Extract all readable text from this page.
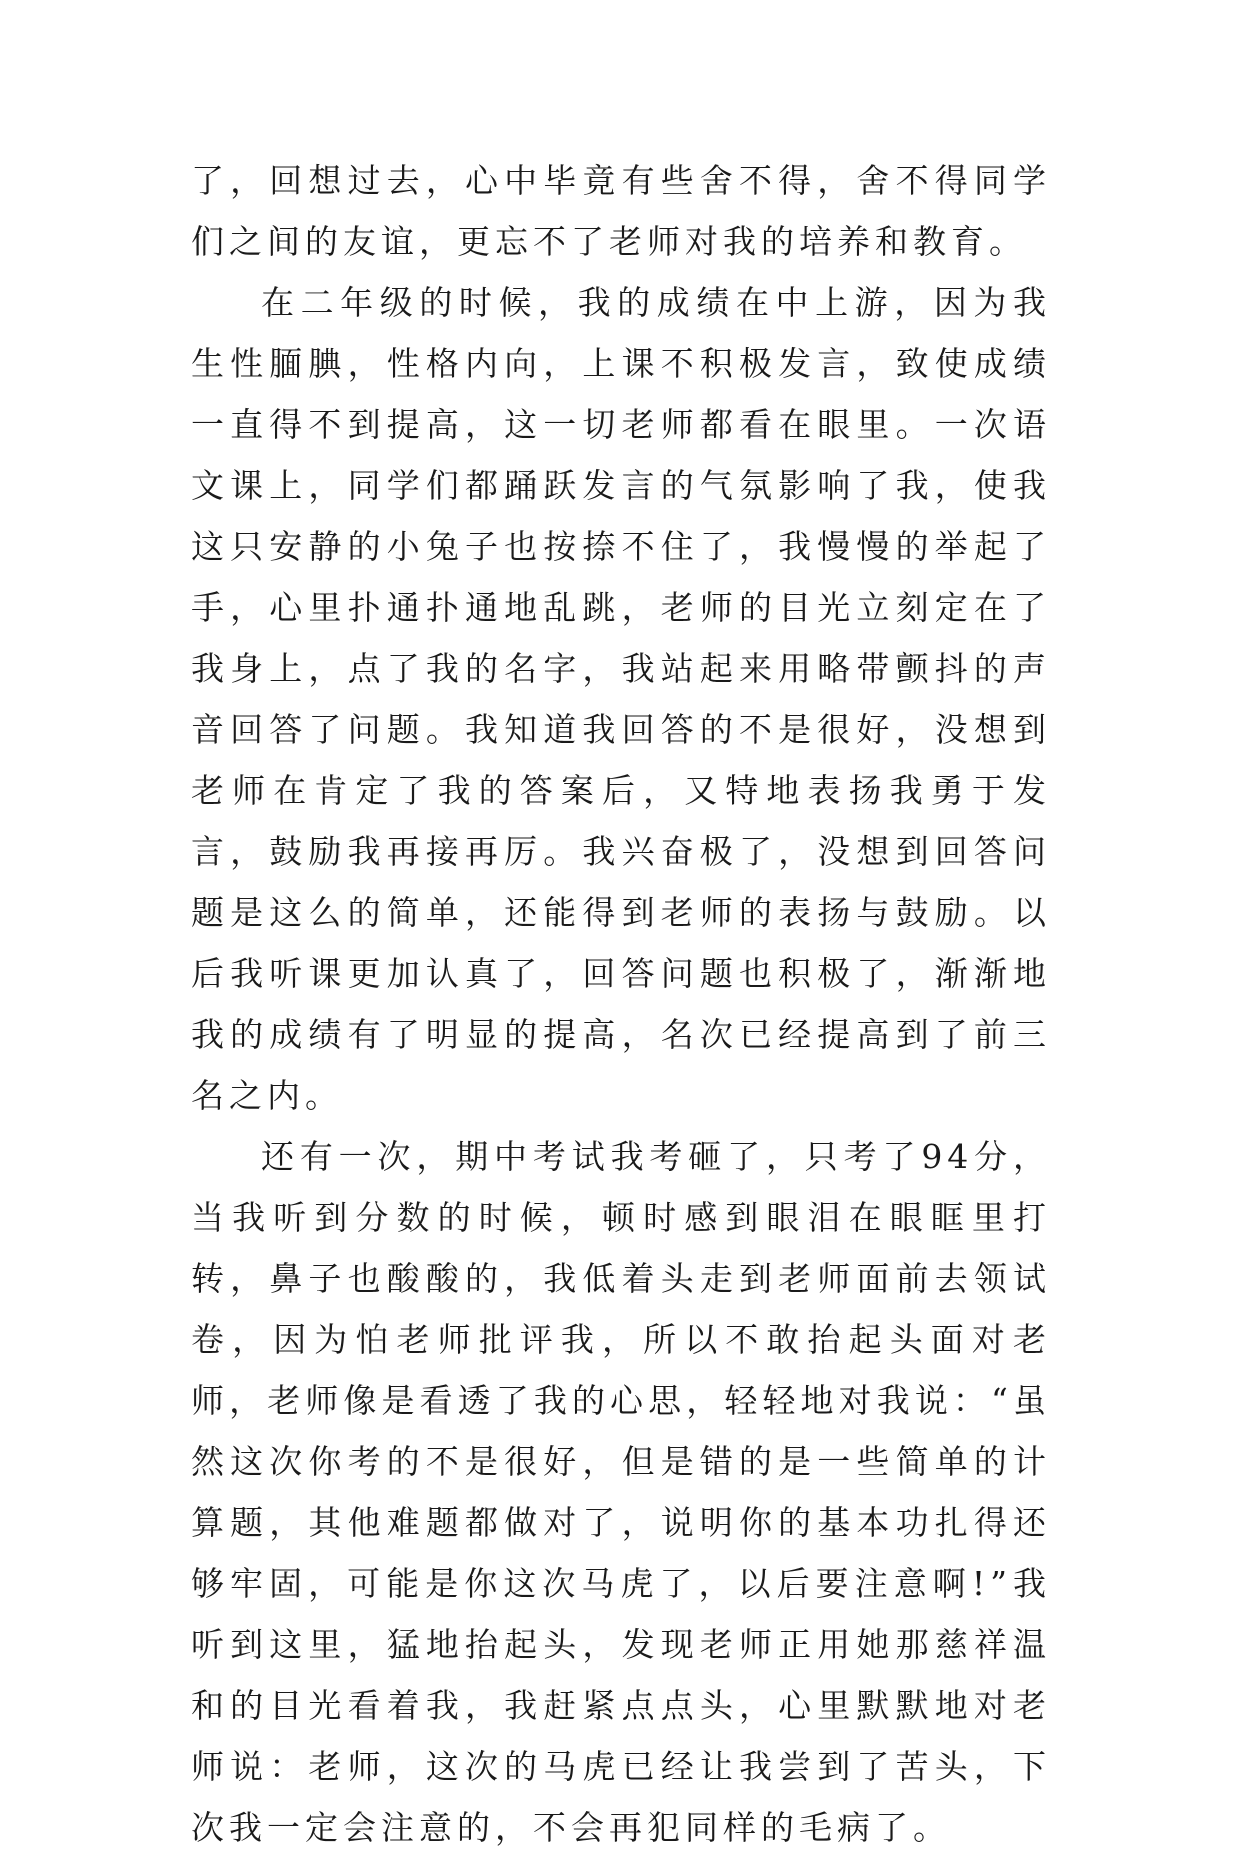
了，回想过去，心中毕竟有些舍不得，舍不得同学们之间的友谊，更忘不了老师对我的培养和教育。

在二年级的时候，我的成绩在中上游，因为我生性腼腆，性格内向，上课不积极发言，致使成绩一直得不到提高，这一切老师都看在眼里。一次语文课上，同学们都踊跃发言的气氛影响了我，使我这只安静的小兔子也按捺不住了，我慢慢的举起了手，心里扑通扑通地乱跳，老师的目光立刻定在了我身上，点了我的名字，我站起来用略带颤抖的声音回答了问题。我知道我回答的不是很好，没想到老师在肯定了我的答案后，又特地表扬我勇于发言，鼓励我再接再厉。我兴奋极了，没想到回答问题是这么的简单，还能得到老师的表扬与鼓励。以后我听课更加认真了，回答问题也积极了，渐渐地我的成绩有了明显的提高，名次已经提高到了前三名之内。

还有一次，期中考试我考砸了，只考了94分，当我听到分数的时候，顿时感到眼泪在眼眶里打转，鼻子也酸酸的，我低着头走到老师面前去领试卷，因为怕老师批评我，所以不敢抬起头面对老师，老师像是看透了我的心思，轻轻地对我说：“虽然这次你考的不是很好，但是错的是一些简单的计算题，其他难题都做对了，说明你的基本功扎得还够牢固，可能是你这次马虎了，以后要注意啊!”我听到这里，猛地抬起头，发现老师正用她那慈祥温和的目光看着我，我赶紧点点头，心里默默地对老师说：老师，这次的马虎已经让我尝到了苦头，下次我一定会注意的，不会再犯同样的毛病了。
